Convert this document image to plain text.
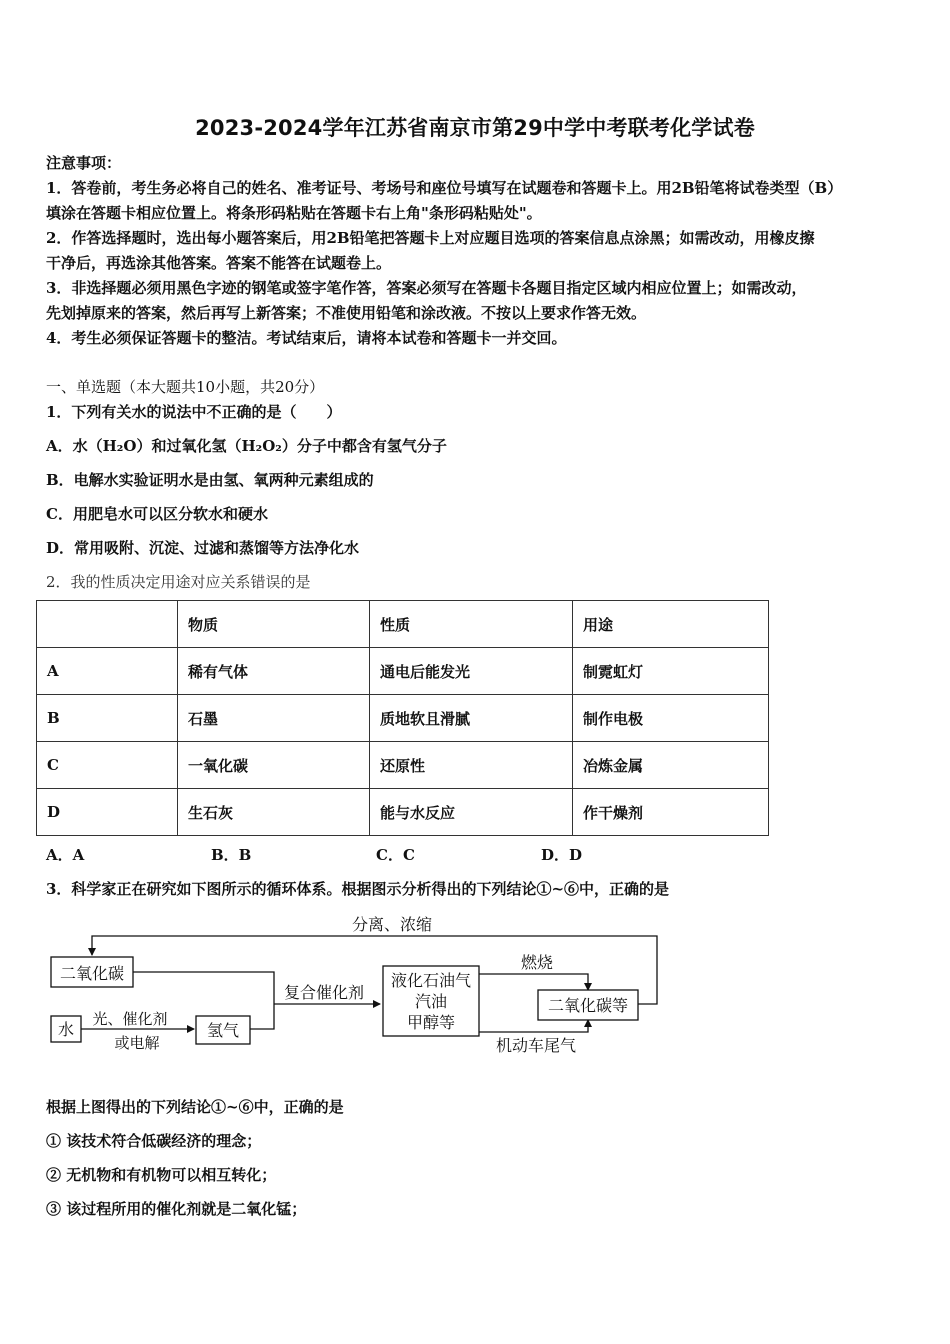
2023-2024学年江苏省南京市第29中学中考联考化学试卷
注意事项：
1．答卷前，考生务必将自己的姓名、准考证号、考场号和座位号填写在试题卷和答题卡上。用2B铅笔将试卷类型（B）
填涂在答题卡相应位置上。将条形码粘贴在答题卡右上角"条形码粘贴处"。
2．作答选择题时，选出每小题答案后，用2B铅笔把答题卡上对应题目选项的答案信息点涂黑；如需改动，用橡皮擦
干净后，再选涂其他答案。答案不能答在试题卷上。
3．非选择题必须用黑色字迹的钢笔或签字笔作答，答案必须写在答题卡各题目指定区域内相应位置上；如需改动，
先划掉原来的答案，然后再写上新答案；不准使用铅笔和涂改液。不按以上要求作答无效。
4．考生必须保证答题卡的整洁。考试结束后，请将本试卷和答题卡一并交回。
一、单选题（本大题共10小题，共20分）
1．下列有关水的说法中不正确的是（　　）
A．水（H₂O）和过氧化氢（H₂O₂）分子中都含有氢气分子
B．电解水实验证明水是由氢、氧两种元素组成的
C．用肥皂水可以区分软水和硬水
D．常用吸附、沉淀、过滤和蒸馏等方法净化水
2．我的性质决定用途对应关系错误的是
	物质	性质	用途
A	稀有气体	通电后能发光	制霓虹灯
B	石墨	质地软且滑腻	制作电极
C	一氧化碳	还原性	冶炼金属
D	生石灰	能与水反应	作干燥剂
A．A	B．B	C．C	D．D
3．科学家正在研究如下图所示的循环体系。根据图示分析得出的下列结论①~⑥中，正确的是
分离、浓缩
二氧化碳
水
光、催化剂
或电解
氢气
复合催化剂
液化石油气
汽油
甲醇等
燃烧
机动车尾气
二氧化碳等
根据上图得出的下列结论①~⑥中，正确的是
① 该技术符合低碳经济的理念；
② 无机物和有机物可以相互转化；
③ 该过程所用的催化剂就是二氧化锰；
